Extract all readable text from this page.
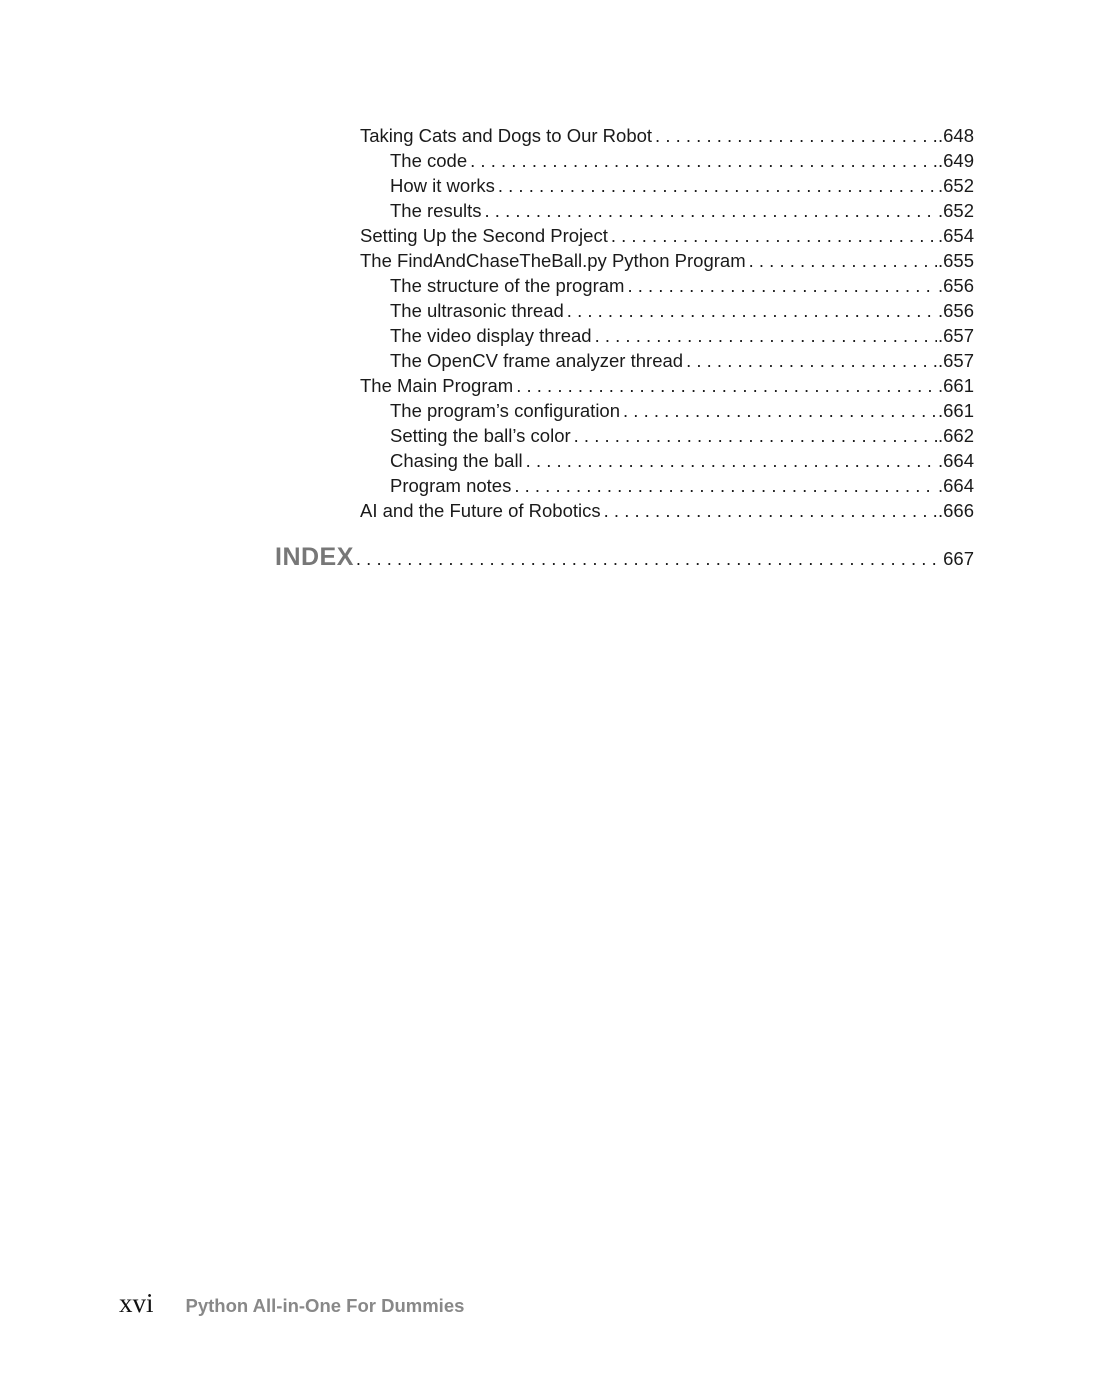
Taking Cats and Dogs to Our Robot . . .	.648
The code . . .	.649
How it works . . .	.652
The results . . .	.652
Setting Up the Second Project . . .	.654
The FindAndChaseTheBall.py Python Program . . .	.655
The structure of the program . . .	.656
The ultrasonic thread . . .	.656
The video display thread . . .	.657
The OpenCV frame analyzer thread . . .	.657
The Main Program . . .	.661
The program’s configuration . . .	.661
Setting the ball’s color . . .	.662
Chasing the ball . . .	.664
Program notes . . .	.664
AI and the Future of Robotics . . .	.666
INDEX . . .	667
xvi Python All-in-One For Dummies
